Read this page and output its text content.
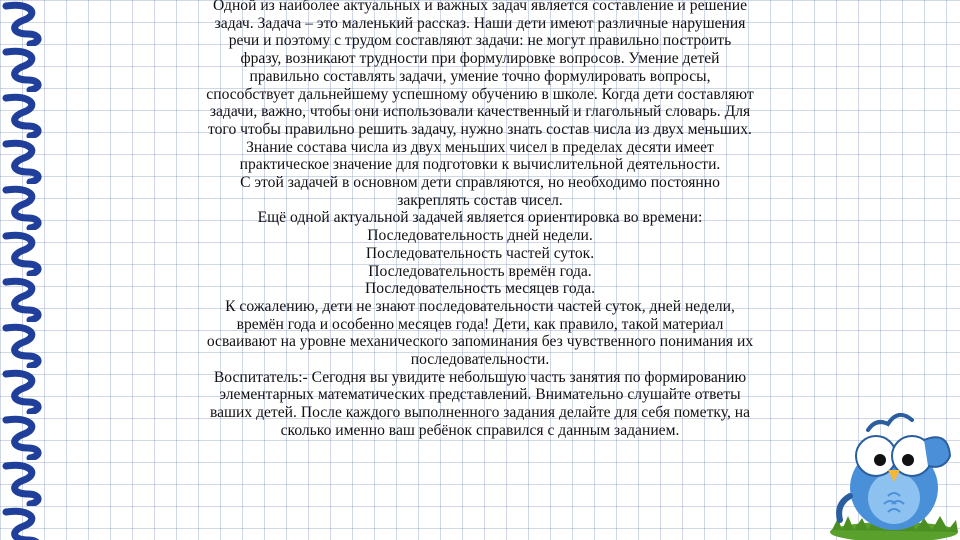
Одной из наиболее актуальных и важных задач является составление и решение
задач. Задача – это маленький рассказ. Наши дети имеют различные нарушения
речи и поэтому с трудом составляют задачи: не могут правильно построить
фразу, возникают трудности при формулировке вопросов. Умение детей
правильно составлять задачи, умение точно формулировать вопросы,
способствует дальнейшему успешному обучению в школе. Когда дети составляют
задачи, важно, чтобы они использовали качественный и глагольный словарь. Для
того чтобы правильно решить задачу, нужно знать состав числа из двух меньших.
Знание состава числа из двух меньших чисел в пределах десяти имеет
практическое значение для подготовки к вычислительной деятельности.
С этой задачей в основном дети справляются, но необходимо постоянно
закреплять состав чисел.
Ещё одной актуальной задачей является ориентировка во времени:
Последовательность дней недели.
Последовательность частей суток.
Последовательность времён года.
Последовательность месяцев года.
К сожалению, дети не знают последовательности частей суток, дней недели,
времён года и особенно месяцев года! Дети, как правило, такой материал
осваивают на уровне механического запоминания без чувственного понимания их
последовательности.
Воспитатель:- Сегодня вы увидите небольшую часть занятия по формированию
элементарных математических представлений. Внимательно слушайте ответы
ваших детей. После каждого выполненного задания делайте для себя пометку, на
сколько именно ваш ребёнок справился с данным заданием.
